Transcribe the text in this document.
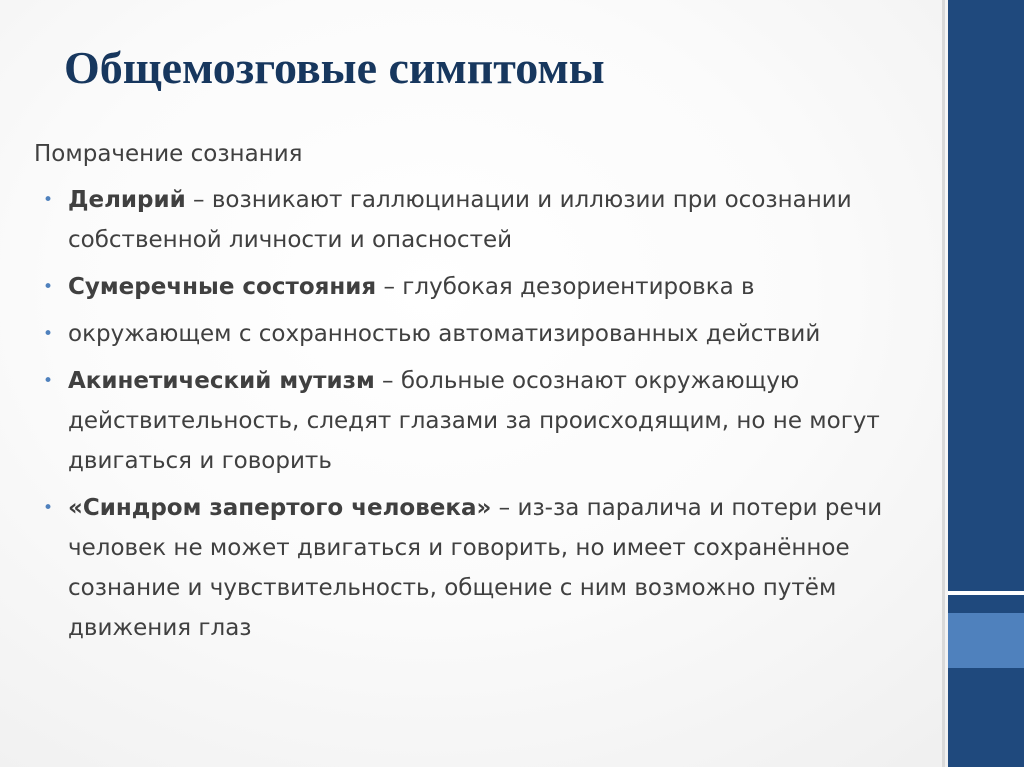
Общемозговые симптомы

Помрачение сознания

• Делирий – возникают галлюцинации и иллюзии при осознании собственной личности и опасностей
• Сумеречные состояния – глубокая дезориентировка в
• окружающем с сохранностью автоматизированных действий
• Акинетический мутизм – больные осознают окружающую действительность, следят глазами за происходящим, но не могут двигаться и говорить
• «Синдром запертого человека» – из-за паралича и потери речи человек не может двигаться и говорить, но имеет сохранённое сознание и чувствительность, общение с ним возможно путём движения глаз
